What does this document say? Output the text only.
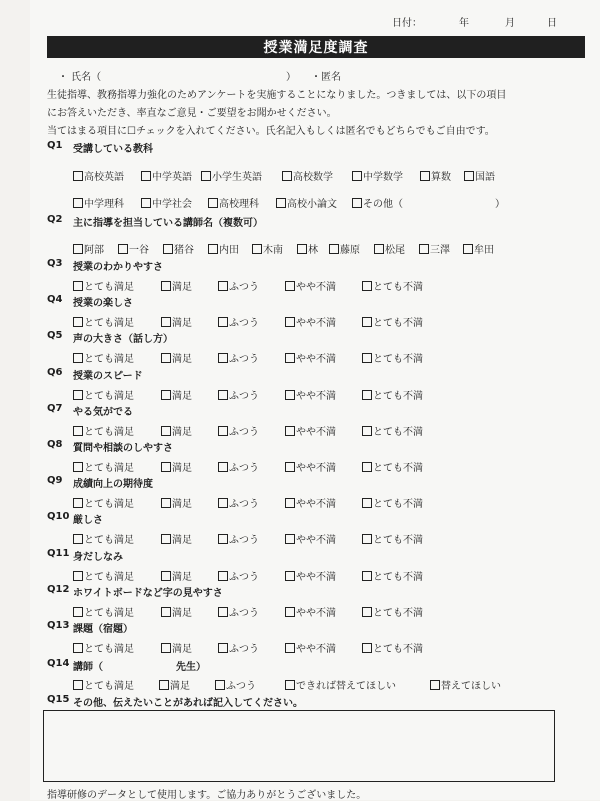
日付：	年	月	日
授業満足度調査
・ 氏名（	） ・匿名
生徒指導、教務指導力強化のためアンケートを実施することになりました。つきましては、以下の項目
にお答えいただき、率直なご意見・ご要望をお聞かせください。
当てはまる項目に☐チェックを入れてください。氏名記入もしくは匿名でもどちらでもご自由です。
Q1 受講している教科
高校英語	中学英語	小学生英語	高校数学	中学数学	算数	国語
中学理科	中学社会	高校理科	高校小論文	その他（	）
Q2 主に指導を担当している講師名（複数可）
阿部	一谷	猪谷	内田	木南	林	藤原	松尾	三澤	牟田
Q3 授業のわかりやすさ
とても満足	満足	ふつう	やや不満	とても不満
Q4 授業の楽しさ
とても満足	満足	ふつう	やや不満	とても不満
Q5 声の大きさ（話し方）
とても満足	満足	ふつう	やや不満	とても不満
Q6 授業のスピード
とても満足	満足	ふつう	やや不満	とても不満
Q7 やる気がでる
とても満足	満足	ふつう	やや不満	とても不満
Q8 質問や相談のしやすさ
とても満足	満足	ふつう	やや不満	とても不満
Q9 成績向上の期待度
とても満足	満足	ふつう	やや不満	とても不満
Q10 厳しさ
とても満足	満足	ふつう	やや不満	とても不満
Q11 身だしなみ
とても満足	満足	ふつう	やや不満	とても不満
Q12 ホワイトボードなど字の見やすさ
とても満足	満足	ふつう	やや不満	とても不満
Q13 課題（宿題）
とても満足	満足	ふつう	やや不満	とても不満
Q14 講師（	先生）
とても満足	満足	ふつう	できれば替えてほしい	替えてほしい
Q15 その他、伝えたいことがあれば記入してください。
指導研修のデータとして使用します。ご協力ありがとうございました。
